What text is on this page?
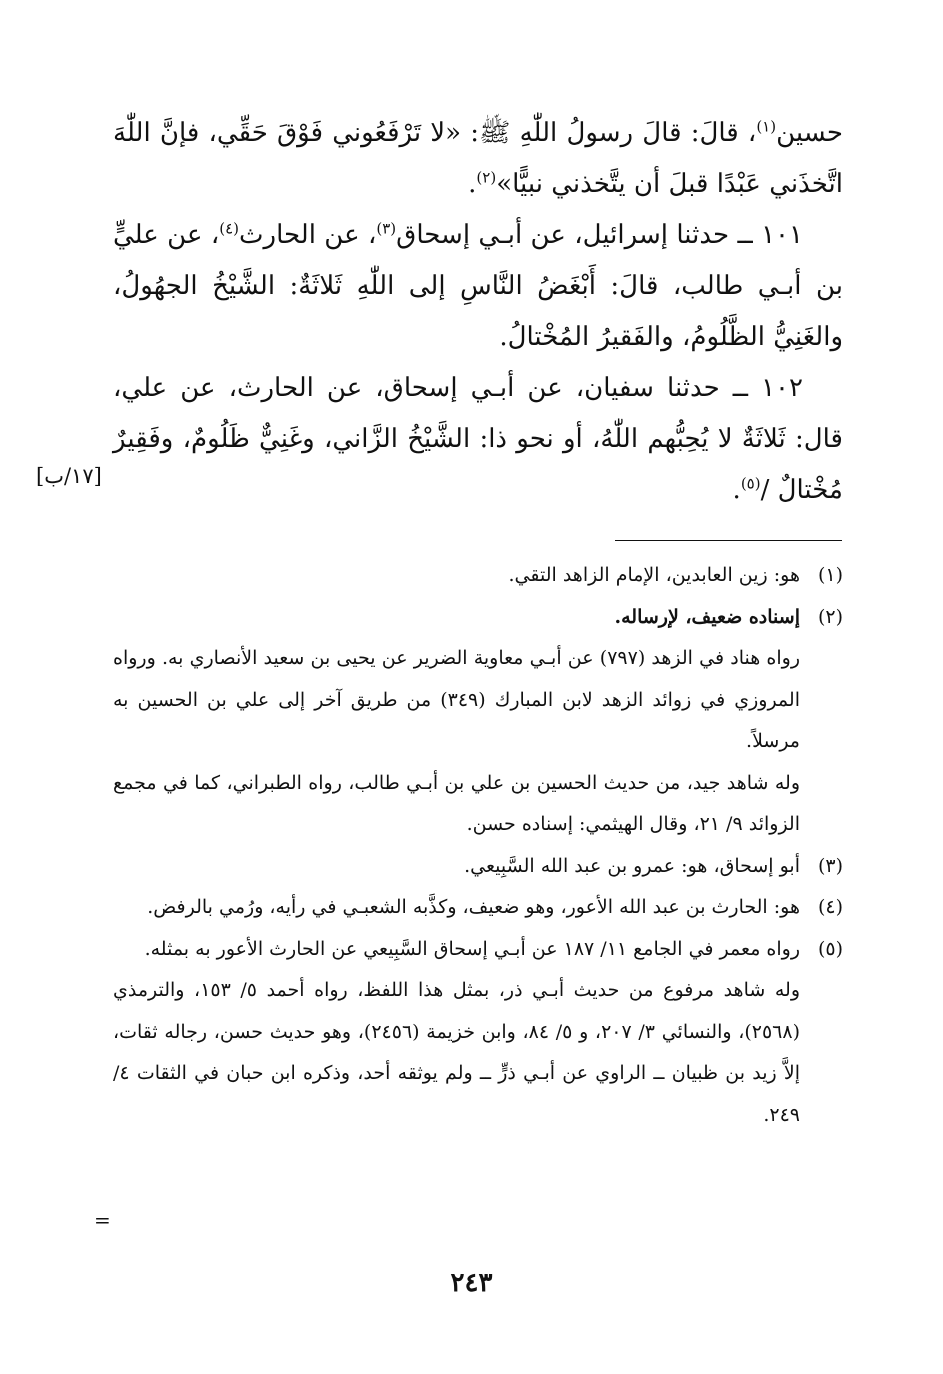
حسين$^{(١)}$، قالَ: قالَ رسولُ اللّٰهِ ﷺ: «لا تَرْفَعُوني فَوْقَ حَقِّي، فإنَّ اللّٰهَ اتَّخذَني عَبْدًا قبلَ أن يتَّخذني نبيًّا»$^{(٢)}$.

١٠١ ــ حدثنا إسرائيل، عن أبـي إسحاق$^{(٣)}$، عن الحارث$^{(٤)}$، عن عليٍّ بن أبـي طالب، قالَ: أَبْغَضُ النَّاسِ إلى اللّٰهِ ثَلاثَةٌ: الشَّيْخُ الجهُولُ، والغَنِيُّ الظَّلُومُ، والفَقيرُ المُخْتالُ.

١٠٢ ــ حدثنا سفيان، عن أبـي إسحاق، عن الحارث، عن علي، قال: ثَلاثَةٌ لا يُحِبُّهم اللّٰهُ، أو نحو ذا: الشَّيْخُ الزَّاني، وغَنِيٌّ ظَلُومٌ، وفَقِيرٌ مُخْتالٌ /$^{(٥)}$.

[١٧/ب]
(١)

هو: زين العابدين، الإمام الزاهد التقي.

(٢)

إسناده ضعيف، لإرساله.

رواه هناد في الزهد (٧٩٧) عن أبـي معاوية الضرير عن يحيى بن سعيد الأنصاري به. ورواه المروزي في زوائد الزهد لابن المبارك (٣٤٩) من طريق آخر إلى علي بن الحسين به مرسلاً.

وله شاهد جيد، من حديث الحسين بن علي بن أبـي طالب، رواه الطبراني، كما في مجمع الزوائد ٩/ ٢١، وقال الهيثمي: إسناده حسن.

(٣)

أبو إسحاق، هو: عمرو بن عبد الله السَّبِيعي.

(٤)

هو: الحارث بن عبد الله الأعور، وهو ضعيف، وكذَّبه الشعبـي في رأيه، ورُمي بالرفض.

(٥)

رواه معمر في الجامع ١١/ ١٨٧ عن أبـي إسحاق السَّبِيعي عن الحارث الأعور به بمثله.

وله شاهد مرفوع من حديث أبـي ذر، بمثل هذا اللفظ، رواه أحمد ٥/ ١٥٣، والترمذي (٢٥٦٨)، والنسائي ٣/ ٢٠٧، و ٥/ ٨٤، وابن خزيمة (٢٤٥٦)، وهو حديث حسن، رجاله ثقات، إلاَّ زيد بن ظبيان ــ الراوي عن أبـي ذرٍّ ــ ولم يوثقه أحد، وذكره ابن حبان في الثقات ٤/ ٢٤٩.

=
٢٤٣
